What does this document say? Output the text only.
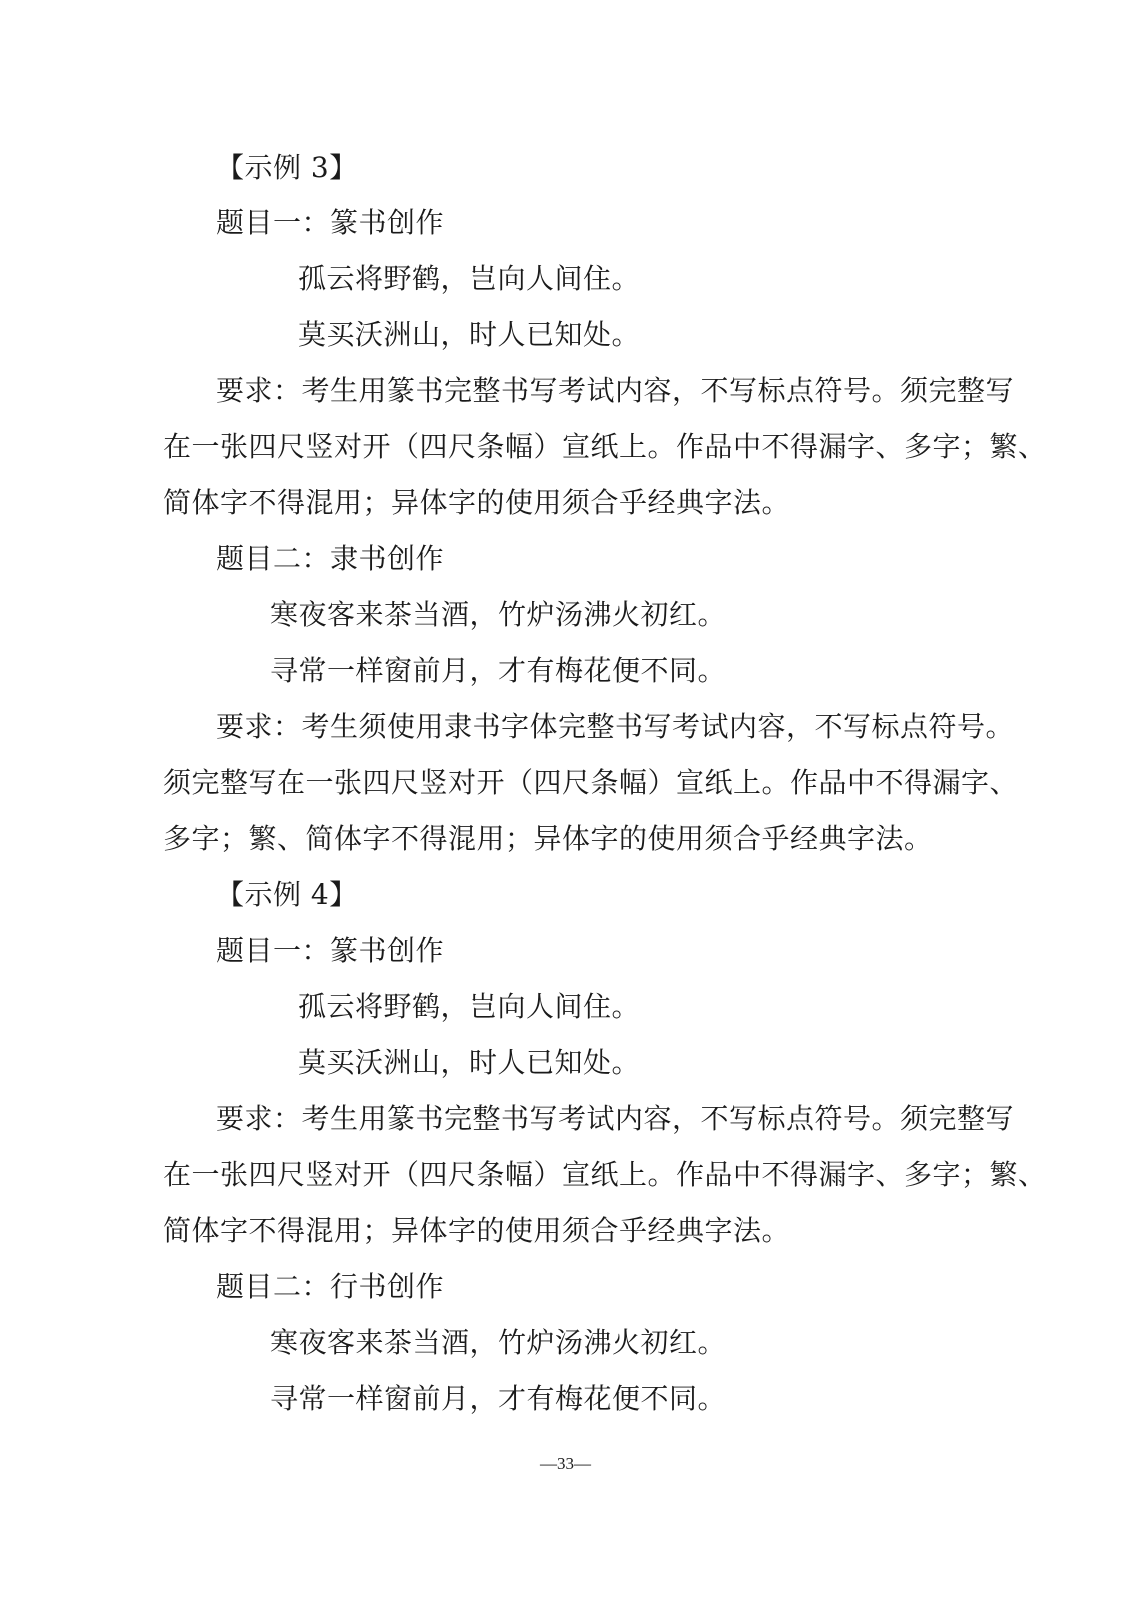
【示例 3】
题目一：篆书创作
孤云将野鹤，岂向人间住。
莫买沃洲山，时人已知处。
要求：考生用篆书完整书写考试内容，不写标点符号。须完整写
在一张四尺竖对开（四尺条幅）宣纸上。作品中不得漏字、多字；繁、
简体字不得混用；异体字的使用须合乎经典字法。
题目二：隶书创作
寒夜客来茶当酒，竹炉汤沸火初红。
寻常一样窗前月，才有梅花便不同。
要求：考生须使用隶书字体完整书写考试内容，不写标点符号。
须完整写在一张四尺竖对开（四尺条幅）宣纸上。作品中不得漏字、
多字；繁、简体字不得混用；异体字的使用须合乎经典字法。
【示例 4】
题目一：篆书创作
孤云将野鹤，岂向人间住。
莫买沃洲山，时人已知处。
要求：考生用篆书完整书写考试内容，不写标点符号。须完整写
在一张四尺竖对开（四尺条幅）宣纸上。作品中不得漏字、多字；繁、
简体字不得混用；异体字的使用须合乎经典字法。
题目二：行书创作
寒夜客来茶当酒，竹炉汤沸火初红。
寻常一样窗前月，才有梅花便不同。
—33—
